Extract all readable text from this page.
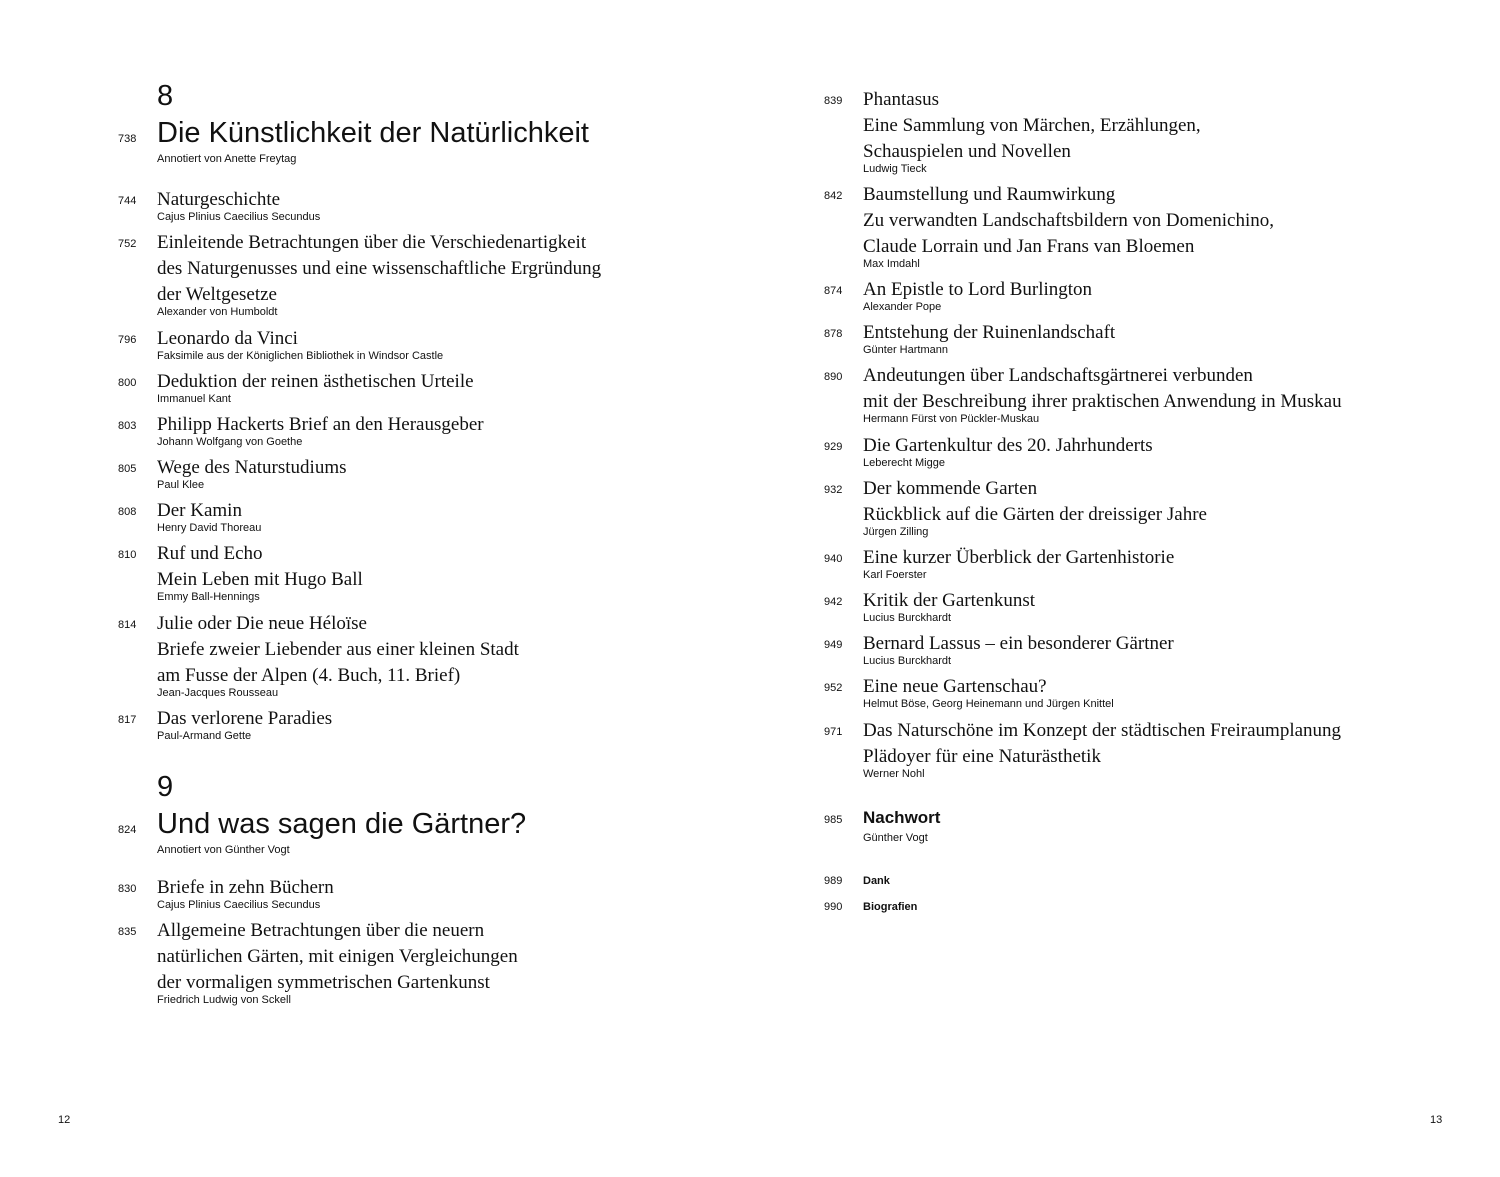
8
738 Die Künstlichkeit der Natürlichkeit
Annotiert von Anette Freytag
744	Naturgeschichte
Cajus Plinius Caecilius Secundus
752	Einleitende Betrachtungen über die Verschiedenartigkeit
des Naturgenusses und eine wissenschaftliche Ergründung
der Weltgesetze
Alexander von Humboldt
796	Leonardo da Vinci
Faksimile aus der Königlichen Bibliothek in Windsor Castle
800	Deduktion der reinen ästhetischen Urteile
Immanuel Kant
803	Philipp Hackerts Brief an den Herausgeber
Johann Wolfgang von Goethe
805	Wege des Naturstudiums
Paul Klee
808	Der Kamin
Henry David Thoreau
810	Ruf und Echo
Mein Leben mit Hugo Ball
Emmy Ball-Hennings
814	Julie oder Die neue Héloïse
Briefe zweier Liebender aus einer kleinen Stadt
am Fusse der Alpen (4. Buch, 11. Brief)
Jean-Jacques Rousseau
817	Das verlorene Paradies
Paul-Armand Gette
9
824 Und was sagen die Gärtner?
Annotiert von Günther Vogt
830	Briefe in zehn Büchern
Cajus Plinius Caecilius Secundus
835	Allgemeine Betrachtungen über die neuern
natürlichen Gärten, mit einigen Vergleichungen
der vormaligen symmetrischen Gartenkunst
Friedrich Ludwig von Sckell
12
839	Phantasus
Eine Sammlung von Märchen, Erzählungen,
Schauspielen und Novellen
Ludwig Tieck
842	Baumstellung und Raumwirkung
Zu verwandten Landschaftsbildern von Domenichino,
Claude Lorrain und Jan Frans van Bloemen
Max Imdahl
874	An Epistle to Lord Burlington
Alexander Pope
878	Entstehung der Ruinenlandschaft
Günter Hartmann
890	Andeutungen über Landschaftsgärtnerei verbunden
mit der Beschreibung ihrer praktischen Anwendung in Muskau
Hermann Fürst von Pückler-Muskau
929	Die Gartenkultur des 20. Jahrhunderts
Leberecht Migge
932	Der kommende Garten
Rückblick auf die Gärten der dreissiger Jahre
Jürgen Zilling
940	Eine kurzer Überblick der Gartenhistorie
Karl Foerster
942	Kritik der Gartenkunst
Lucius Burckhardt
949	Bernard Lassus – ein besonderer Gärtner
Lucius Burckhardt
952	Eine neue Gartenschau?
Helmut Böse, Georg Heinemann und Jürgen Knittel
971	Das Naturschöne im Konzept der städtischen Freiraumplanung
Plädoyer für eine Naturästhetik
Werner Nohl
985	Nachwort
Günther Vogt
989	Dank
990	Biografien
13
